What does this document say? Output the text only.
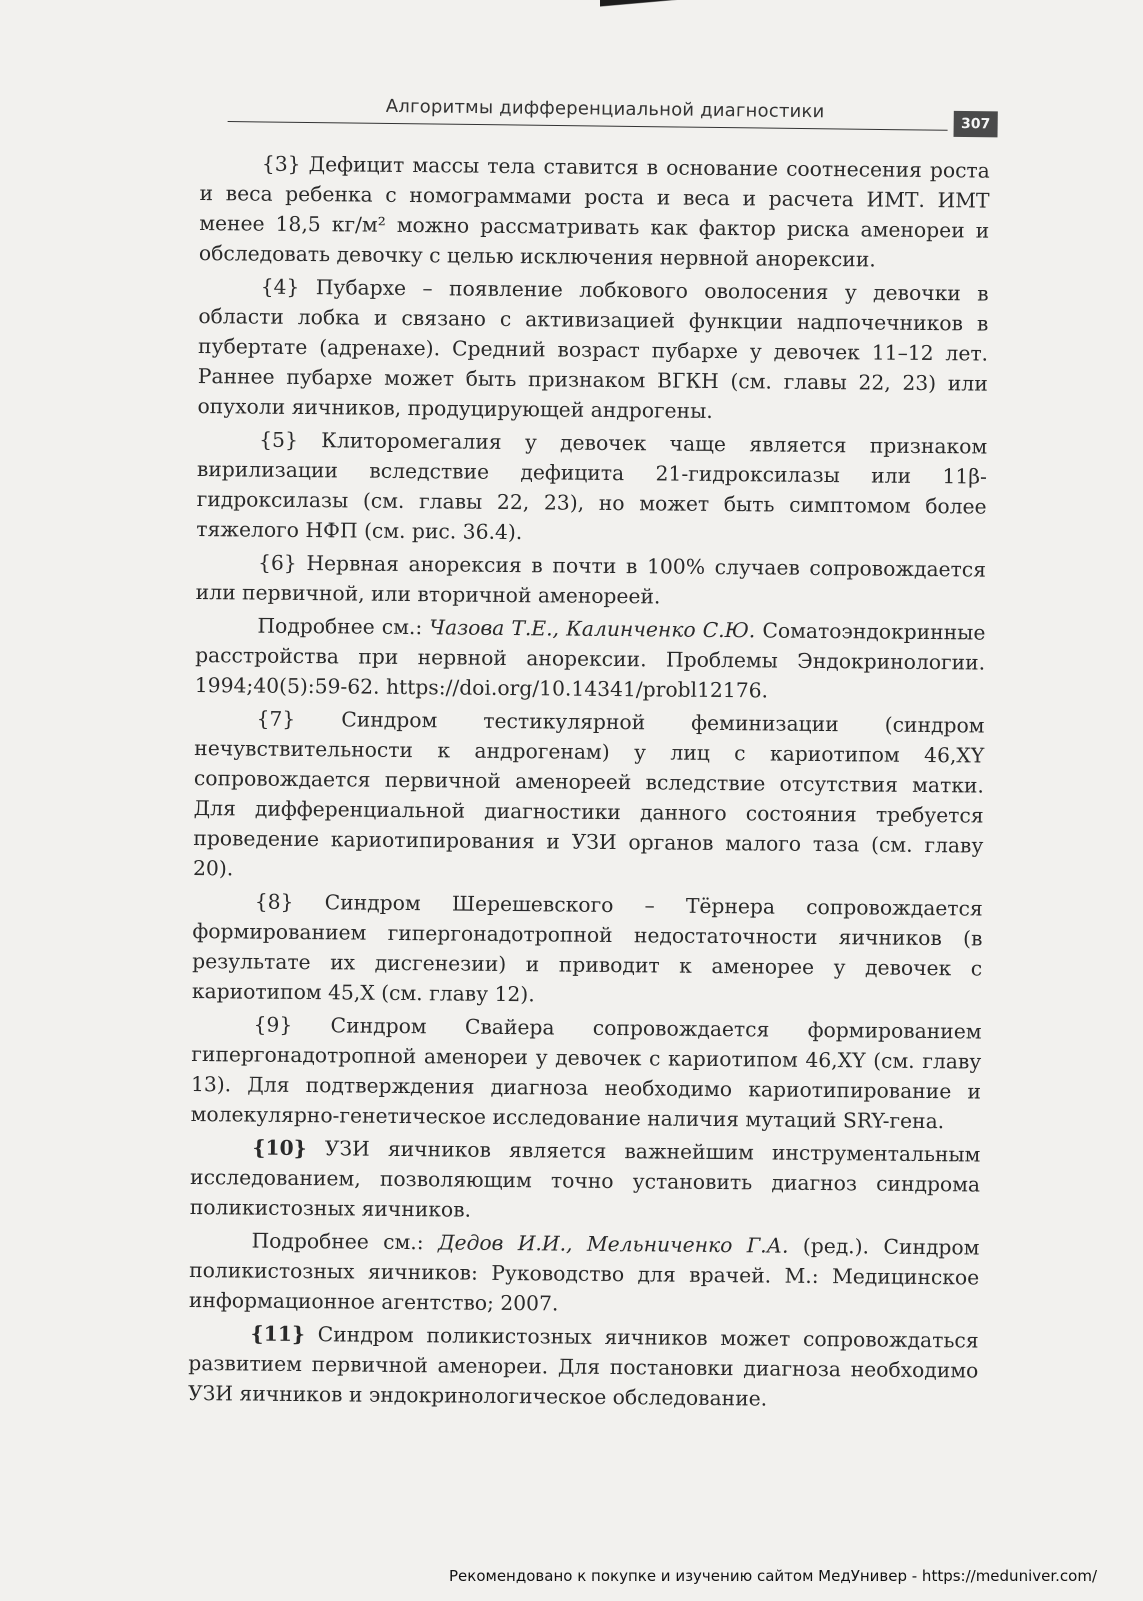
Алгоритмы дифференциальной диагностики
307

{3} Дефицит массы тела ставится в основание соотнесения роста и веса ребенка с номограммами роста и веса и расчета ИМТ. ИМТ менее 18,5 кг/м² можно рассматривать как фактор риска аменореи и обследовать девочку с целью исключения нервной анорексии.

{4} Пубархе – появление лобкового оволосения у девочки в области лобка и связано с активизацией функции надпочечников в пубертате (адренахе). Средний возраст пубархе у девочек 11–12 лет. Раннее пубархе может быть признаком ВГКН (см. главы 22, 23) или опухоли яичников, продуцирующей андрогены.

{5} Клиторомегалия у девочек чаще является признаком вирилизации вследствие дефицита 21-гидроксилазы или 11β-гидроксилазы (см. главы 22, 23), но может быть симптомом более тяжелого НФП (см. рис. 36.4).

{6} Нервная анорексия в почти в 100% случаев сопровождается или первичной, или вторичной аменореей.

Подробнее см.: Чазова Т.Е., Калинченко С.Ю. Соматоэндокринные расстройства при нервной анорексии. Проблемы Эндокринологии. 1994;40(5):59-62. https://doi.org/10.14341/probl12176.

{7} Синдром тестикулярной феминизации (синдром нечувствительности к андрогенам) у лиц с кариотипом 46,XY сопровождается первичной аменореей вследствие отсутствия матки. Для дифференциальной диагностики данного состояния требуется проведение кариотипирования и УЗИ органов малого таза (см. главу 20).

{8} Синдром Шерешевского – Тёрнера сопровождается формированием гипергонадотропной недостаточности яичников (в результате их дисгенезии) и приводит к аменорее у девочек с кариотипом 45,X (см. главу 12).

{9} Синдром Свайера сопровождается формированием гипергонадотропной аменореи у девочек с кариотипом 46,XY (см. главу 13). Для подтверждения диагноза необходимо кариотипирование и молекулярно-генетическое исследование наличия мутаций SRY-гена.

{10} УЗИ яичников является важнейшим инструментальным исследованием, позволяющим точно установить диагноз синдрома поликистозных яичников.

Подробнее см.: Дедов И.И., Мельниченко Г.А. (ред.). Синдром поликистозных яичников: Руководство для врачей. М.: Медицинское информационное агентство; 2007.

{11} Синдром поликистозных яичников может сопровождаться развитием первичной аменореи. Для постановки диагноза необходимо УЗИ яичников и эндокринологическое обследование.

Рекомендовано к покупке и изучению сайтом МедУнивер - https://meduniver.com/
